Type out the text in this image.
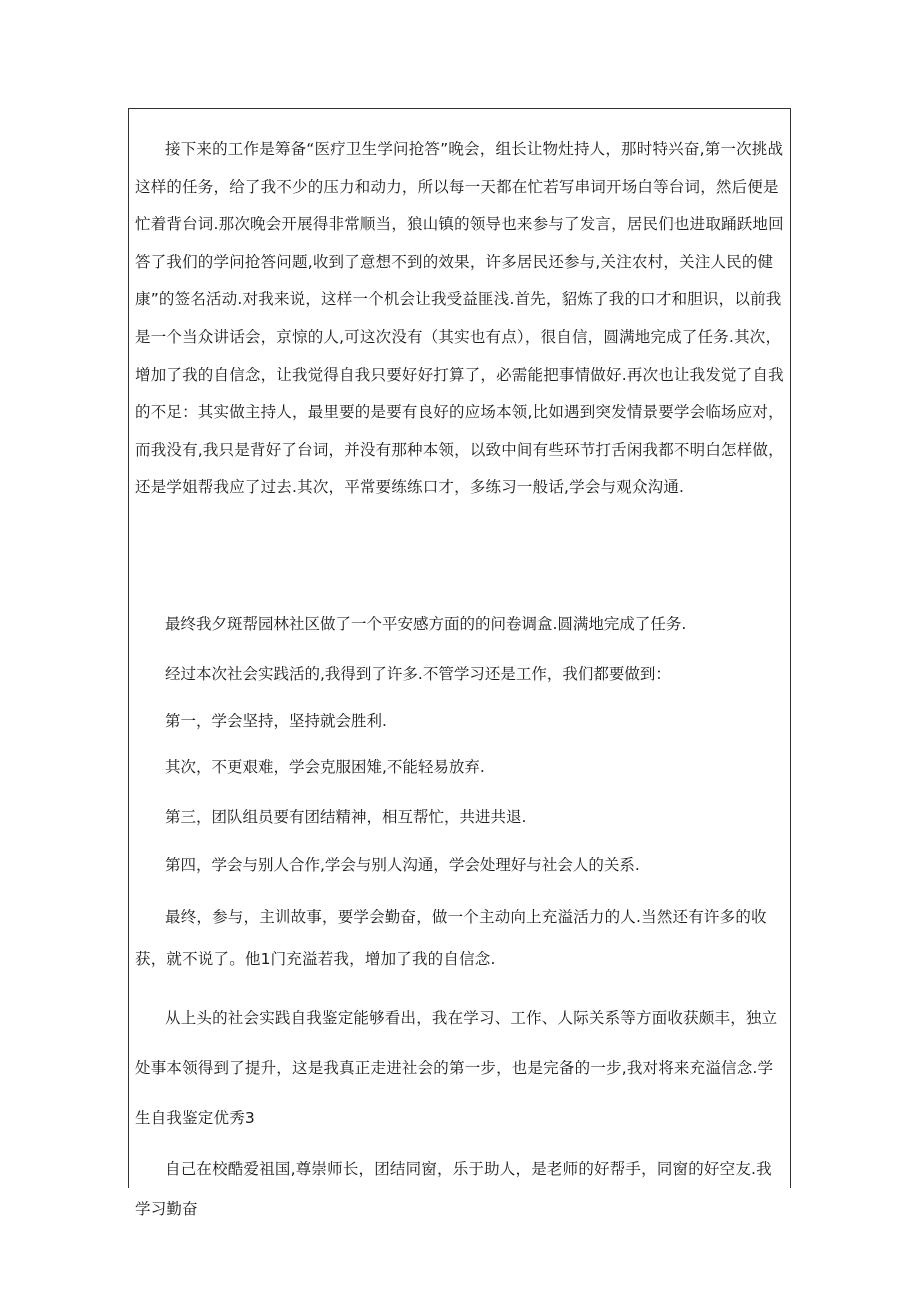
接下来的工作是筹备“医疗卫生学问抢答”晚会，组长让物灶持人，那时特兴奋,第一次挑战这样的任务，给了我不少的压力和动力，所以每一天都在忙若写串词开场白等台词，然后便是忙着背台词.那次晚会开展得非常顺当，狼山镇的领导也来参与了发言，居民们也进取踊跃地回答了我们的学问抢答问题,收到了意想不到的效果，许多居民还参与,关注农村，关注人民的健康”的签名活动.对我来说，这样一个机会让我受益匪浅.首先，貂炼了我的口才和胆识，以前我是一个当众讲话会，京惊的人,可这次没有（其实也有点），很自信，圆满地完成了任务.其次，增加了我的自信念，让我觉得自我只要好好打算了，必需能把事情做好.再次也让我发觉了自我的不足：其实做主持人，最里要的是要有良好的应场本领,比如遇到突发情景要学会临场应对，而我没有,我只是背好了台词，并没有那种本领，以致中间有些环节打舌闲我都不明白怎样做，还是学姐帮我应了过去.其次，平常要练练口才，多练习一般话,学会与观众沟通.
最终我夕斑帮园林社区做了一个平安感方面的的问卷调盒.圆满地完成了任务.
经过本次社会实践活的,我得到了许多.不管学习还是工作，我们都要做到：
第一，学会坚持，坚持就会胜利.
其次，不更艰难，学会克服困雉,不能轻易放弃.
第三，团队组员要有团结精神，相互帮忙，共进共退.
第四，学会与别人合作,学会与别人沟通，学会处理好与社会人的关系.
最终，参与，主训故事，要学会勤奋，做一个主动向上充溢活力的人.当然还有许多的收获，就不说了。他1门充溢若我，增加了我的自信念.
从上头的社会实践自我鉴定能够看出，我在学习、工作、人际关系等方面收获颇丰，独立处事本领得到了提升，这是我真正走进社会的第一步，也是完备的一步,我对将来充溢信念.学生自我鉴定优秀3
自己在校酷爱祖国,尊崇师长，团结同窗，乐于助人，是老师的好帮手，同窗的好空友.我学习勤奋
